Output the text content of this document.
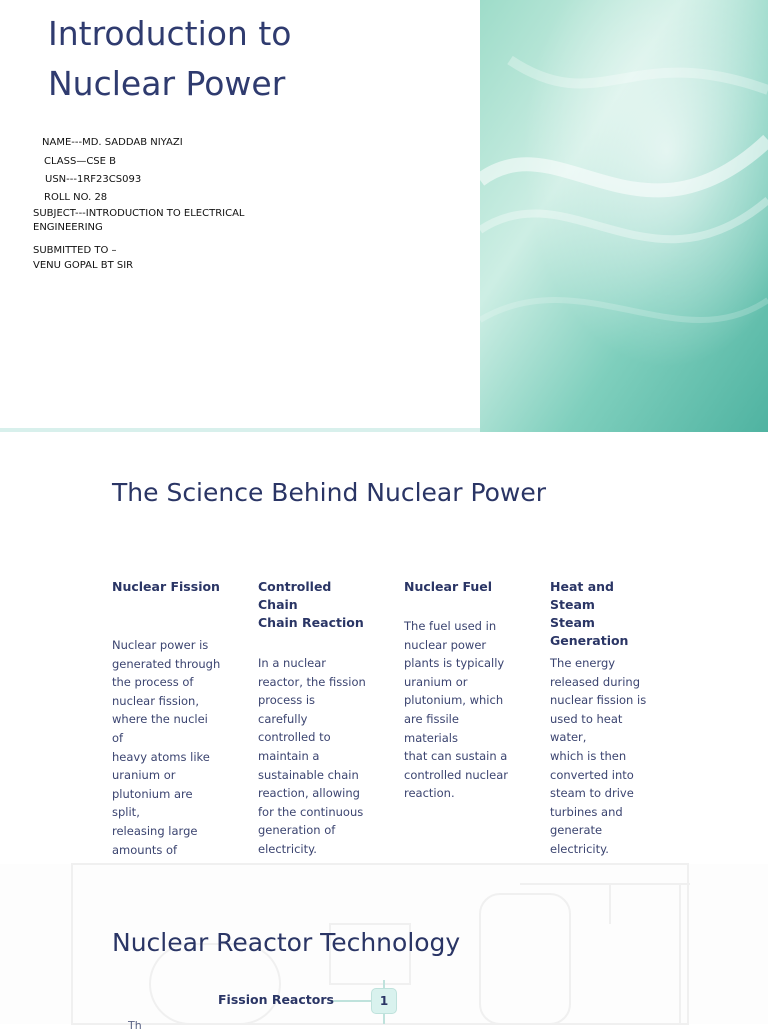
Introduction to
Nuclear Power
NAME---MD. SADDAB NIYAZI
CLASS—CSE B
USN---1RF23CS093
ROLL NO. 28
SUBJECT---INTRODUCTION TO ELECTRICAL
ENGINEERING
SUBMITTED TO –
VENU GOPAL BT SIR
The Science Behind Nuclear Power
Nuclear Fission
Nuclear power is
generated through
the process of
nuclear fission,
where the nuclei of
heavy atoms like
uranium or
plutonium are split,
releasing large
amounts of
Controlled Chain
Chain Reaction
In a nuclear
reactor, the fission
process is carefully
controlled to
maintain a
sustainable chain
reaction, allowing
for the continuous
generation of
electricity.
Nuclear Fuel
The fuel used in
nuclear power
plants is typically
uranium or
plutonium, which
are fissile materials
that can sustain a
controlled nuclear
reaction.
Heat and Steam
Steam
Generation
The energy
released during
nuclear fission is
used to heat water,
which is then
converted into
steam to drive
turbines and
generate electricity.
Nuclear Reactor Technology
Fission Reactors	1
Th
